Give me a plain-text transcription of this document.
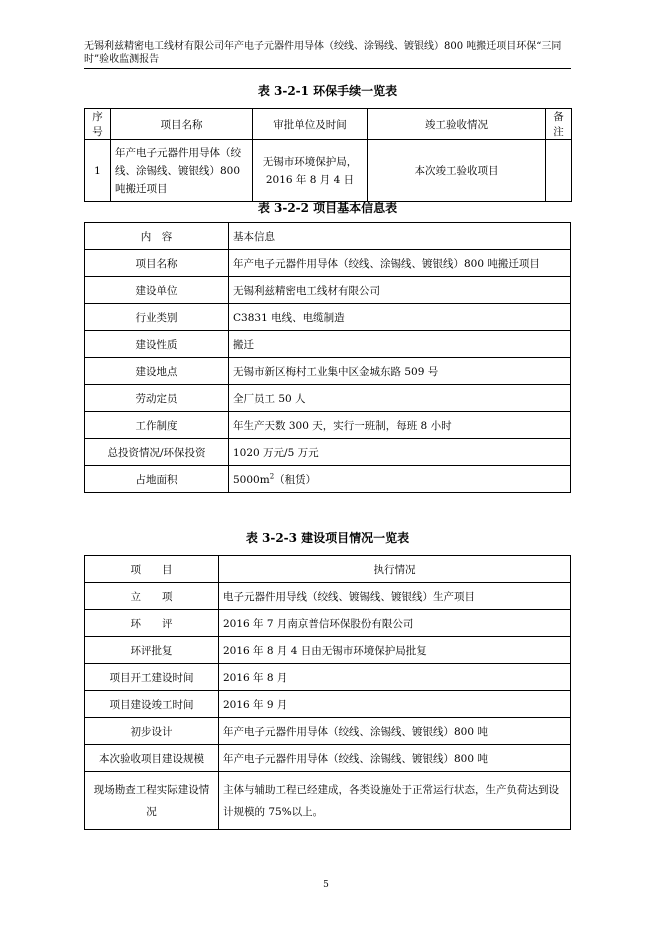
无锡利兹精密电工线材有限公司年产电子元器件用导体（绞线、涂锡线、镀银线）800 吨搬迁项目环保“三同时”验收监测报告
表 3-2-1 环保手续一览表
序号	项目名称	审批单位及时间	竣工验收情况	备注
1	年产电子元器件用导体（绞线、涂锡线、镀银线）800 吨搬迁项目	无锡市环境保护局，2016 年 8 月 4 日	本次竣工验收项目	
表 3-2-2 项目基本信息表
内　容	基本信息
项目名称	年产电子元器件用导体（绞线、涂锡线、镀银线）800 吨搬迁项目
建设单位	无锡利兹精密电工线材有限公司
行业类别	C3831 电线、电缆制造
建设性质	搬迁
建设地点	无锡市新区梅村工业集中区金城东路 509 号
劳动定员	全厂员工 50 人
工作制度	年生产天数 300 天，实行一班制，每班 8 小时
总投资情况/环保投资	1020 万元/5 万元
占地面积	$5000m^2$（租赁）
表 3-2-3 建设项目情况一览表
项　　目	执行情况
立　　项	电子元器件用导线（绞线、镀锡线、镀银线）生产项目
环　　评	2016 年 7 月南京普信环保股份有限公司
环评批复	2016 年 8 月 4 日由无锡市环境保护局批复
项目开工建设时间	2016 年 8 月
项目建设竣工时间	2016 年 9 月
初步设计	年产电子元器件用导体（绞线、涂锡线、镀银线）800 吨
本次验收项目建设规模	年产电子元器件用导体（绞线、涂锡线、镀银线）800 吨
现场勘查工程实际建设情况	主体与辅助工程已经建成，各类设施处于正常运行状态，生产负荷达到设计规模的 75%以上。
5
